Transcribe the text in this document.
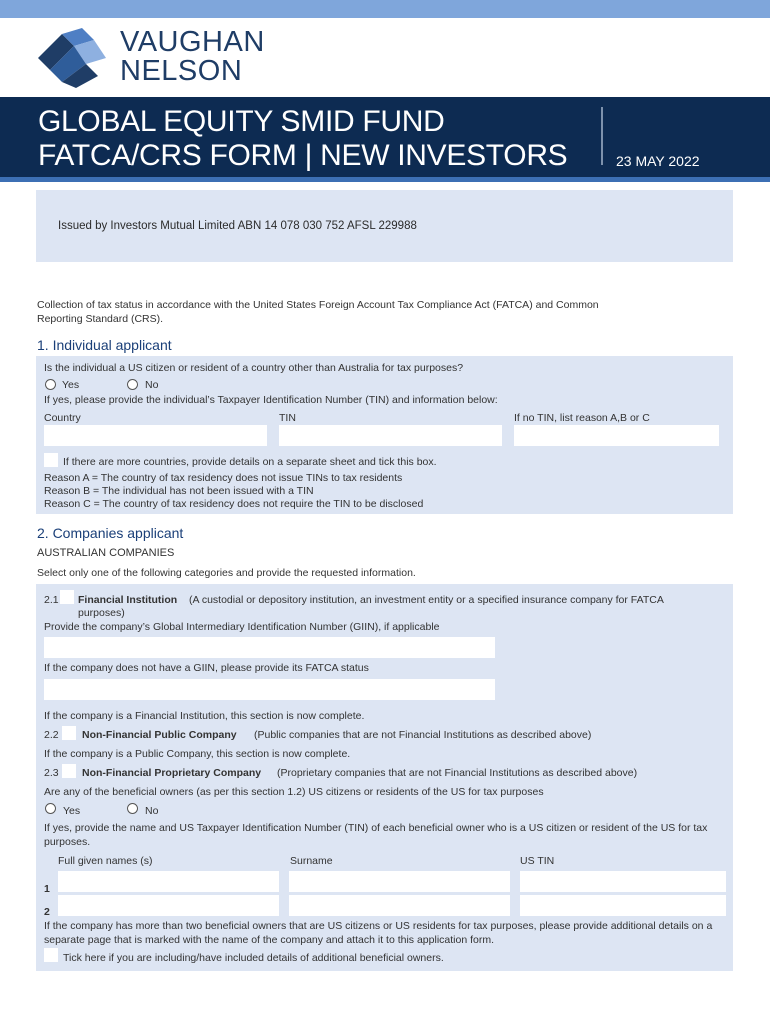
VAUGHAN
NELSON
GLOBAL EQUITY SMID FUND
FATCA/CRS FORM | NEW INVESTORS	23 MAY 2022
Issued by Investors Mutual Limited ABN 14 078 030 752 AFSL 229988
Collection of tax status in accordance with the United States Foreign Account Tax Compliance Act (FATCA) and Common Reporting Standard (CRS).
1. Individual applicant
Is the individual a US citizen or resident of a country other than Australia for tax purposes?
Yes	No
If yes, please provide the individual’s Taxpayer Identification Number (TIN) and information below:
Country	TIN	If no TIN, list reason A,B or C
If there are more countries, provide details on a separate sheet and tick this box.
Reason A = The country of tax residency does not issue TINs to tax residents
Reason B = The individual has not been issued with a TIN
Reason C = The country of tax residency does not require the TIN to be disclosed
2. Companies applicant
AUSTRALIAN COMPANIES
Select only one of the following categories and provide the requested information.
2.1 Financial Institution (A custodial or depository institution, an investment entity or a specified insurance company for FATCA
purposes)
Provide the company’s Global Intermediary Identification Number (GIIN), if applicable
If the company does not have a GIIN, please provide its FATCA status
If the company is a Financial Institution, this section is now complete.
2.2 Non-Financial Public Company (Public companies that are not Financial Institutions as described above)
If the company is a Public Company, this section is now complete.
2.3 Non-Financial Proprietary Company (Proprietary companies that are not Financial Institutions as described above)
Are any of the beneficial owners (as per this section 1.2) US citizens or residents of the US for tax purposes
Yes	No
If yes, provide the name and US Taxpayer Identification Number (TIN) of each beneficial owner who is a US citizen or resident of the US for tax purposes.
Full given names (s)	Surname	US TIN
1
2
If the company has more than two beneficial owners that are US citizens or US residents for tax purposes, please provide additional details on a separate page that is marked with the name of the company and attach it to this application form.
Tick here if you are including/have included details of additional beneficial owners.
